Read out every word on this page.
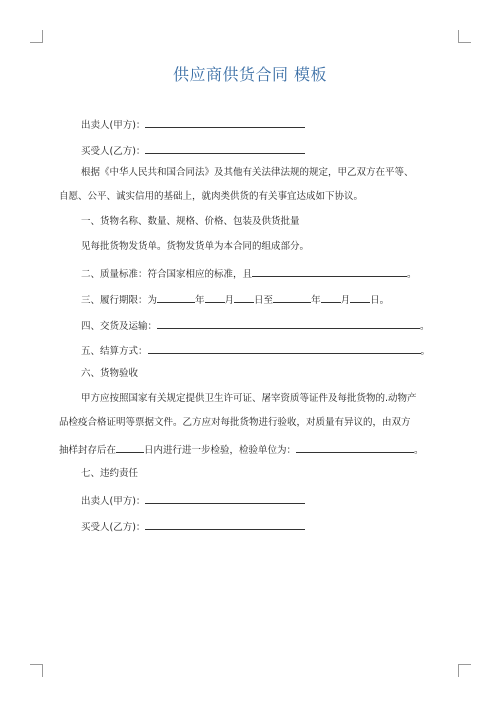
供应商供货合同 模板
出卖人(甲方)：
买受人(乙方)：
根据《中华人民共和国合同法》及其他有关法律法规的规定，甲乙双方在平等、
自愿、公平、诚实信用的基础上，就肉类供货的有关事宜达成如下协议。
一、货物名称、数量、规格、价格、包装及供货批量
见每批货物发货单。货物发货单为本合同的组成部分。
二、质量标准：符合国家相应的标准，且	。
三、履行期限：为	年 月 日至	年 月 日。
四、交货及运输：	。
五、结算方式：	。
六、货物验收
甲方应按照国家有关规定提供卫生许可证、屠宰资质等证件及每批货物的.动物产
品检疫合格证明等票据文件。乙方应对每批货物进行验收，对质量有异议的，由双方
抽样封存后在	日内进行进一步检验，检验单位为：	。
七、违约责任
出卖人(甲方)：
买受人(乙方)：
